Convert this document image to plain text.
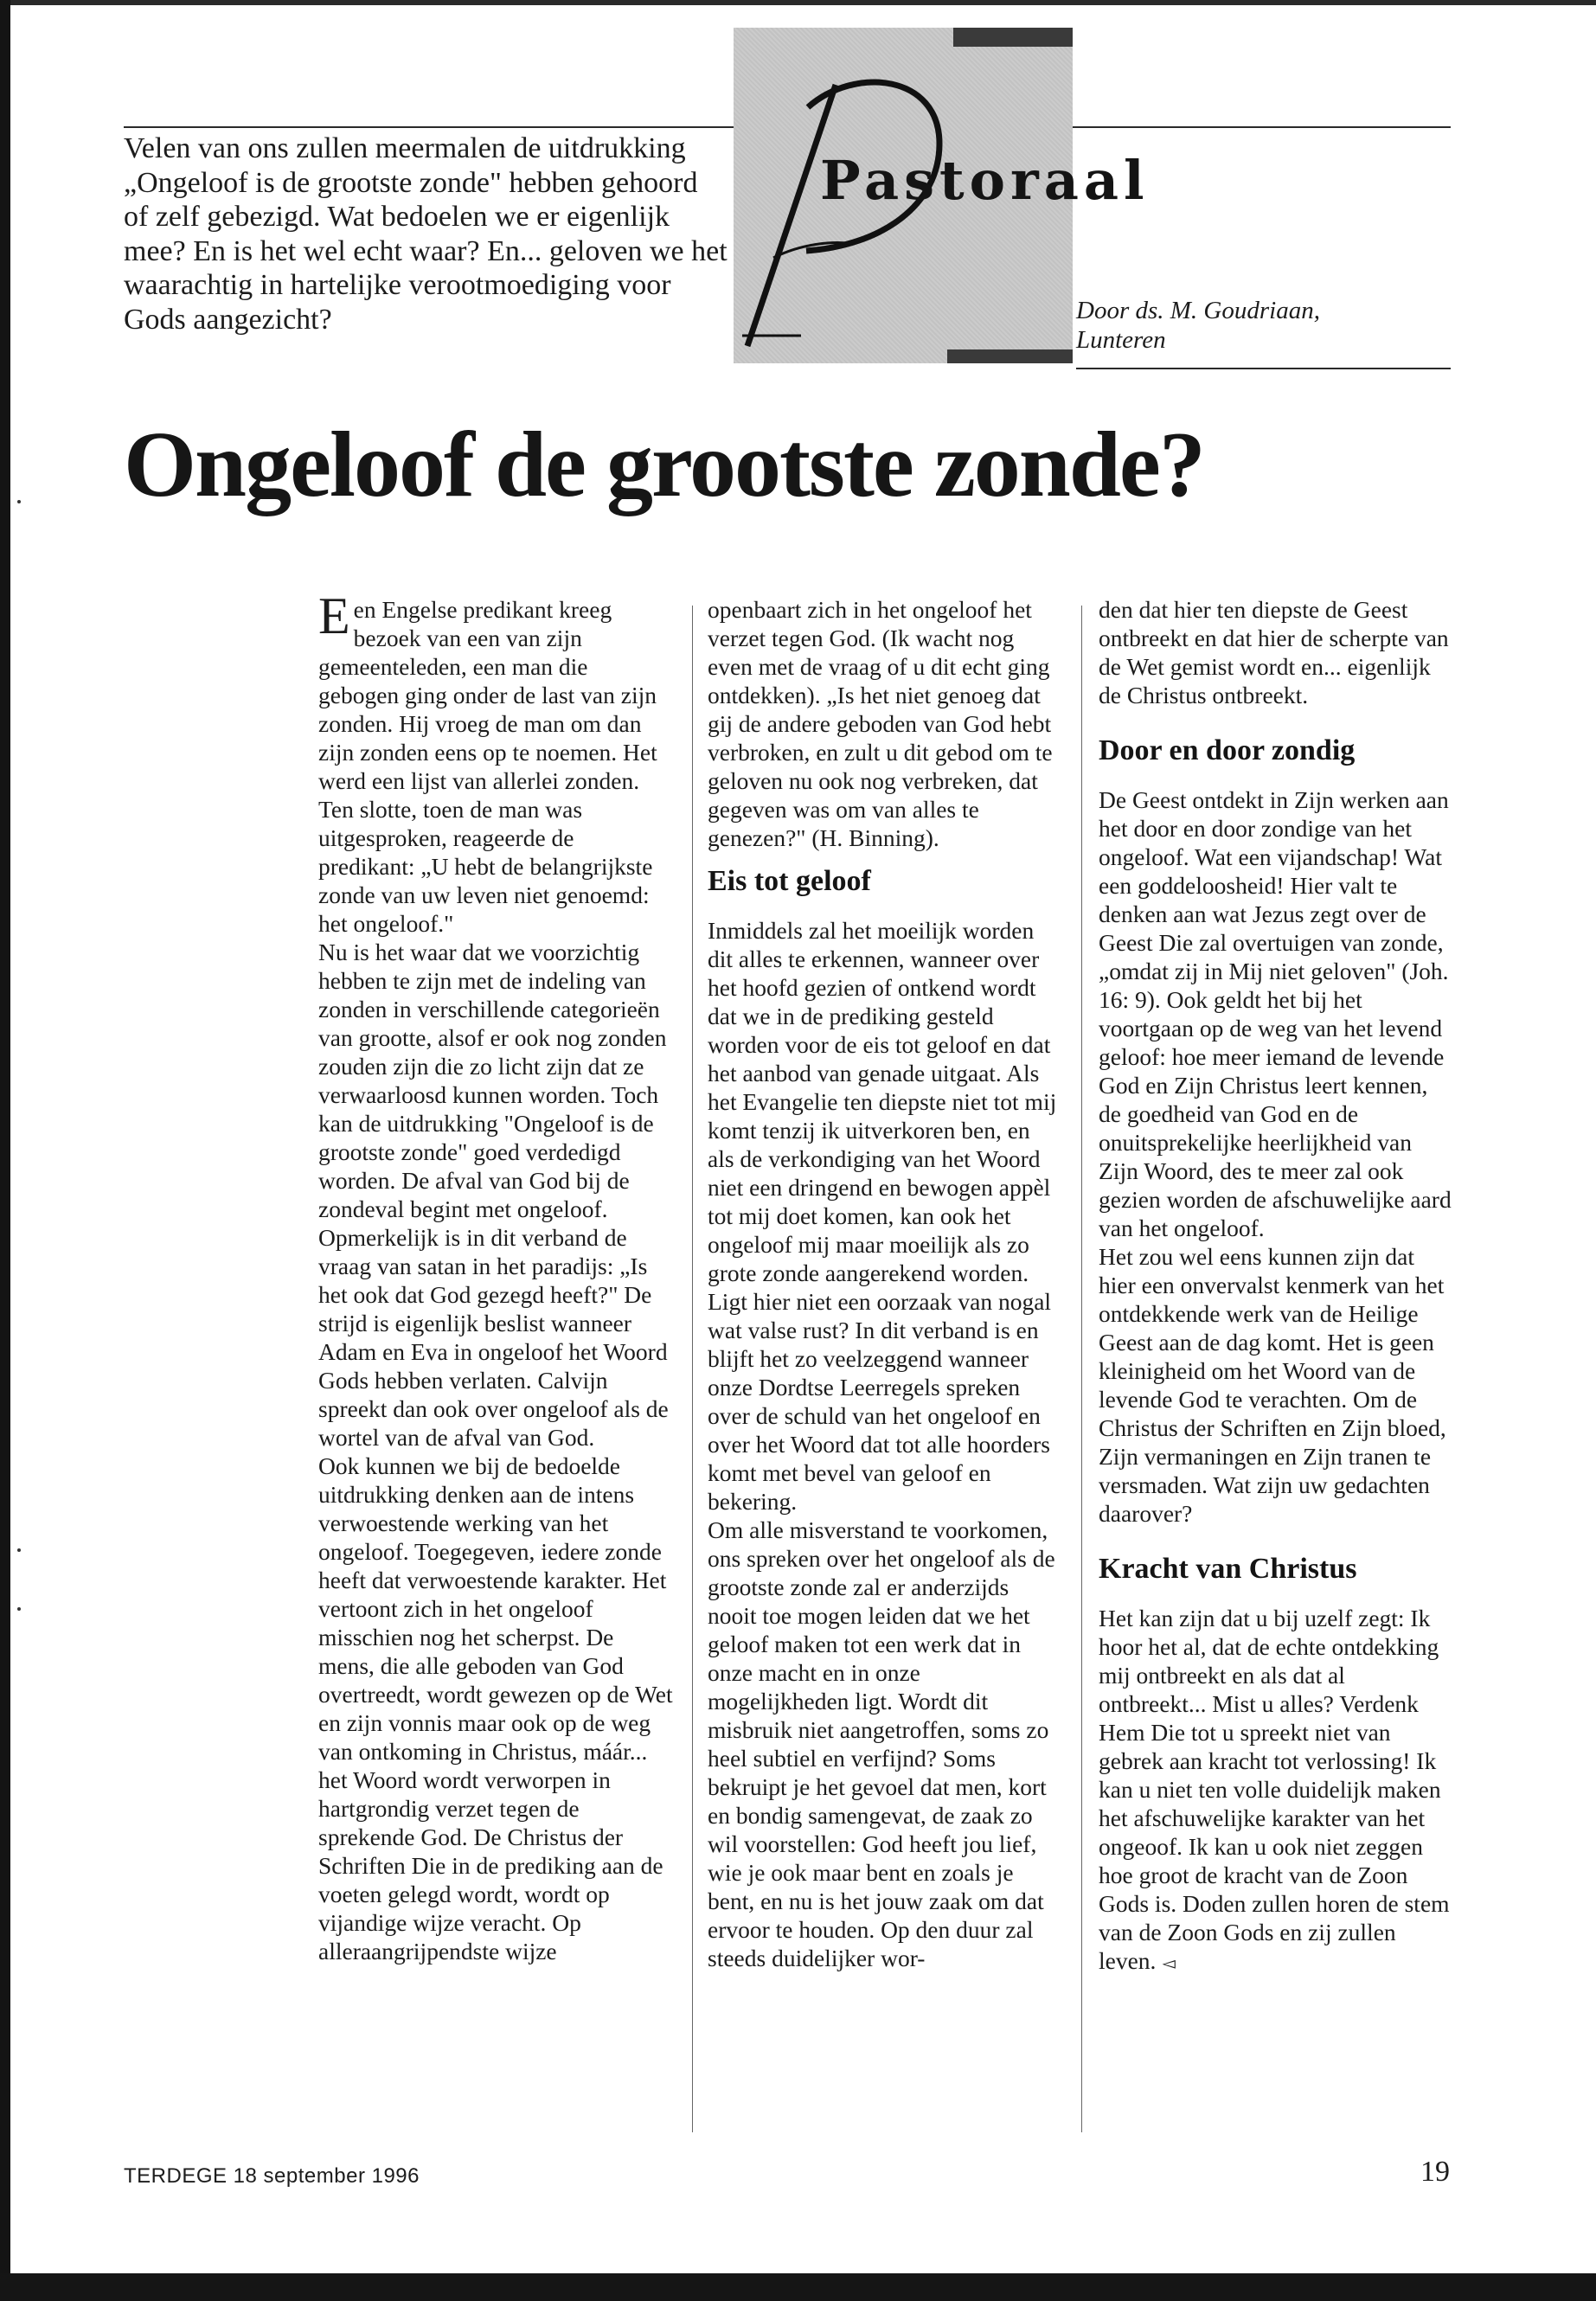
Velen van ons zullen meermalen de uitdrukking „Ongeloof is de grootste zonde" hebben gehoord of zelf gebezigd. Wat bedoelen we er eigenlijk mee? En is het wel echt waar? En... geloven we het waarachtig in hartelijke verootmoediging voor Gods aangezicht?

Pastoraal

Door ds. M. Goudriaan,
Lunteren
Ongeloof de grootste zonde?

Een Engelse predikant kreeg bezoek van een van zijn gemeenteleden, een man die gebogen ging onder de last van zijn zonden. Hij vroeg de man om dan zijn zonden eens op te noemen. Het werd een lijst van allerlei zonden. Ten slotte, toen de man was uitgesproken, reageerde de predikant: „U hebt de belangrijkste zonde van uw leven niet genoemd: het ongeloof."

Nu is het waar dat we voorzichtig hebben te zijn met de indeling van zonden in verschillende categorieën van grootte, alsof er ook nog zonden zouden zijn die zo licht zijn dat ze verwaarloosd kunnen worden. Toch kan de uitdrukking "Ongeloof is de grootste zonde" goed verdedigd worden. De afval van God bij de zondeval begint met ongeloof. Opmerkelijk is in dit verband de vraag van satan in het paradijs: „Is het ook dat God gezegd heeft?" De strijd is eigenlijk beslist wanneer Adam en Eva in ongeloof het Woord Gods hebben verlaten. Calvijn spreekt dan ook over ongeloof als de wortel van de afval van God.

Ook kunnen we bij de bedoelde uitdrukking denken aan de intens verwoestende werking van het ongeloof. Toegegeven, iedere zonde heeft dat verwoestende karakter. Het vertoont zich in het ongeloof misschien nog het scherpst. De mens, die alle geboden van God overtreedt, wordt gewezen op de Wet en zijn vonnis maar ook op de weg van ontkoming in Christus, máár... het Woord wordt verworpen in hartgrondig verzet tegen de sprekende God. De Christus der Schriften Die in de prediking aan de voeten gelegd wordt, wordt op vijandige wijze veracht. Op alleraangrijpendste wijze

openbaart zich in het ongeloof het verzet tegen God. (Ik wacht nog even met de vraag of u dit echt ging ontdekken). „Is het niet genoeg dat gij de andere geboden van God hebt verbroken, en zult u dit gebod om te geloven nu ook nog verbreken, dat gegeven was om van alles te genezen?" (H. Binning).

Eis tot geloof

Inmiddels zal het moeilijk worden dit alles te erkennen, wanneer over het hoofd gezien of ontkend wordt dat we in de prediking gesteld worden voor de eis tot geloof en dat het aanbod van genade uitgaat. Als het Evangelie ten diepste niet tot mij komt tenzij ik uitverkoren ben, en als de verkondiging van het Woord niet een dringend en bewogen appèl tot mij doet komen, kan ook het ongeloof mij maar moeilijk als zo grote zonde aangerekend worden. Ligt hier niet een oorzaak van nogal wat valse rust? In dit verband is en blijft het zo veelzeggend wanneer onze Dordtse Leerregels spreken over de schuld van het ongeloof en over het Woord dat tot alle hoorders komt met bevel van geloof en bekering.

Om alle misverstand te voorkomen, ons spreken over het ongeloof als de grootste zonde zal er anderzijds nooit toe mogen leiden dat we het geloof maken tot een werk dat in onze macht en in onze mogelijkheden ligt. Wordt dit misbruik niet aangetroffen, soms zo heel subtiel en verfijnd? Soms bekruipt je het gevoel dat men, kort en bondig samengevat, de zaak zo wil voorstellen: God heeft jou lief, wie je ook maar bent en zoals je bent, en nu is het jouw zaak om dat ervoor te houden. Op den duur zal steeds duidelijker wor-

den dat hier ten diepste de Geest ontbreekt en dat hier de scherpte van de Wet gemist wordt en... eigenlijk de Christus ontbreekt.

Door en door zondig

De Geest ontdekt in Zijn werken aan het door en door zondige van het ongeloof. Wat een vijandschap! Wat een goddeloosheid! Hier valt te denken aan wat Jezus zegt over de Geest Die zal overtuigen van zonde, „omdat zij in Mij niet geloven" (Joh. 16: 9). Ook geldt het bij het voortgaan op de weg van het levend geloof: hoe meer iemand de levende God en Zijn Christus leert kennen, de goedheid van God en de onuitsprekelijke heerlijkheid van Zijn Woord, des te meer zal ook gezien worden de afschuwelijke aard van het ongeloof.

Het zou wel eens kunnen zijn dat hier een onvervalst kenmerk van het ontdekkende werk van de Heilige Geest aan de dag komt. Het is geen kleinigheid om het Woord van de levende God te verachten. Om de Christus der Schriften en Zijn bloed, Zijn vermaningen en Zijn tranen te versmaden. Wat zijn uw gedachten daarover?

Kracht van Christus

Het kan zijn dat u bij uzelf zegt: Ik hoor het al, dat de echte ontdekking mij ontbreekt en als dat al ontbreekt... Mist u alles? Verdenk Hem Die tot u spreekt niet van gebrek aan kracht tot verlossing! Ik kan u niet ten volle duidelijk maken het afschuwelijke karakter van het ongeoof. Ik kan u ook niet zeggen hoe groot de kracht van de Zoon Gods is. Doden zullen horen de stem van de Zoon Gods en zij zullen leven. ◅

TERDEGE 18 september 1996	19
